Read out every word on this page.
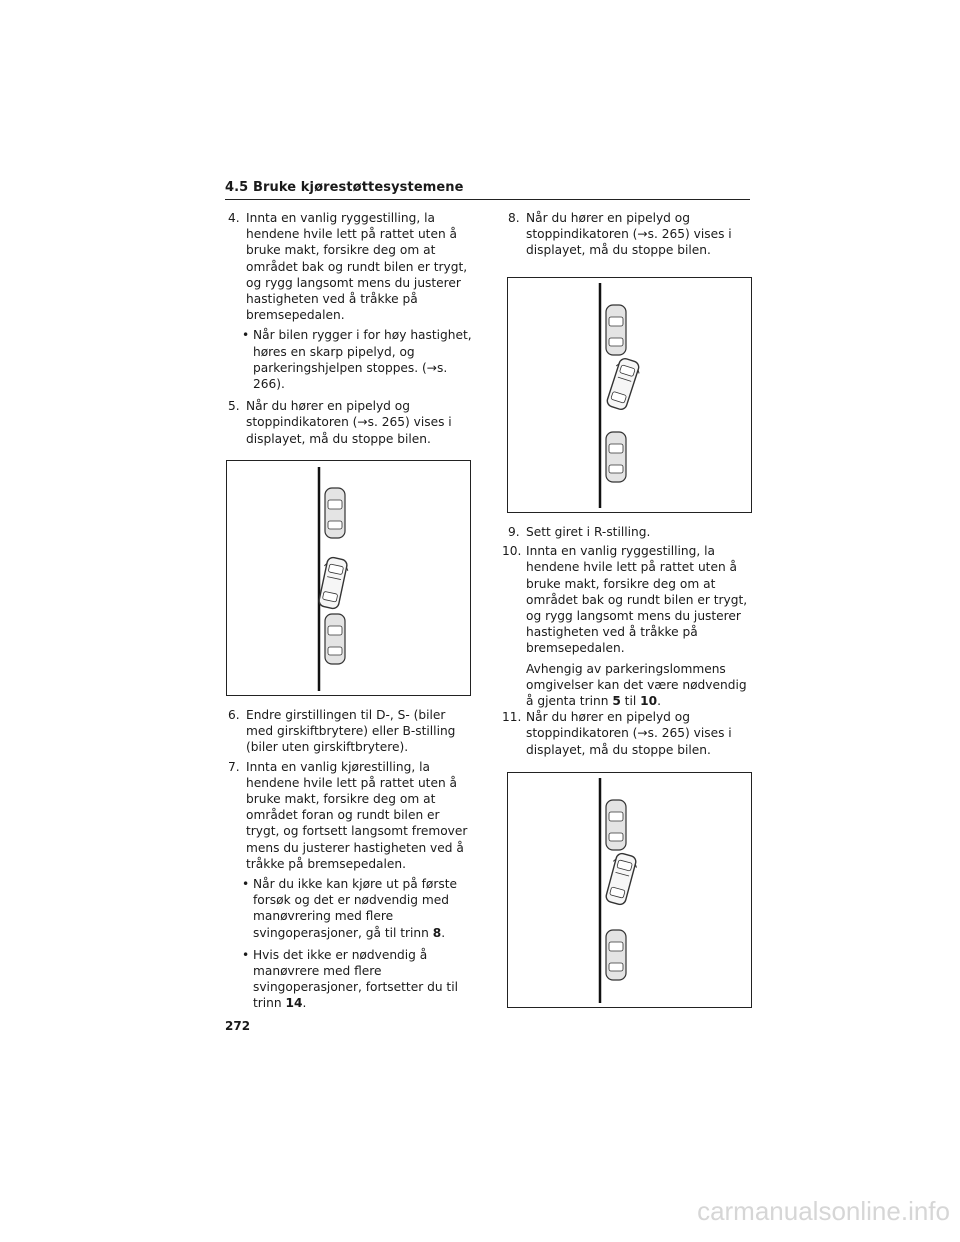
4.5 Bruke kjørestøttesystemene
4. Innta en vanlig ryggestilling, la hendene hvile lett på rattet uten å bruke makt, forsikre deg om at området bak og rundt bilen er trygt, og rygg langsomt mens du justerer hastigheten ved å tråkke på bremsepedalen.
• Når bilen rygger i for høy hastighet, høres en skarp pipelyd, og parkeringshjelpen stoppes. (→s. 266).
5. Når du hører en pipelyd og stoppindikatoren (→s. 265) vises i displayet, må du stoppe bilen.
6. Endre girstillingen til D-, S- (biler med girskiftbrytere) eller B-stilling (biler uten girskiftbrytere).
7. Innta en vanlig kjørestilling, la hendene hvile lett på rattet uten å bruke makt, forsikre deg om at området foran og rundt bilen er trygt, og fortsett langsomt fremover mens du justerer hastigheten ved å tråkke på bremsepedalen.
• Når du ikke kan kjøre ut på første forsøk og det er nødvendig med manøvrering med flere svingoperasjoner, gå til trinn 8.
• Hvis det ikke er nødvendig å manøvrere med flere svingoperasjoner, fortsetter du til trinn 14.
8. Når du hører en pipelyd og stoppindikatoren (→s. 265) vises i displayet, må du stoppe bilen.
9. Sett giret i R-stilling.
10. Innta en vanlig ryggestilling, la hendene hvile lett på rattet uten å bruke makt, forsikre deg om at området bak og rundt bilen er trygt, og rygg langsomt mens du justerer hastigheten ved å tråkke på bremsepedalen.
Avhengig av parkeringslommens omgivelser kan det være nødvendig å gjenta trinn 5 til 10.
11. Når du hører en pipelyd og stoppindikatoren (→s. 265) vises i displayet, må du stoppe bilen.
272
carmanualsonline.info
